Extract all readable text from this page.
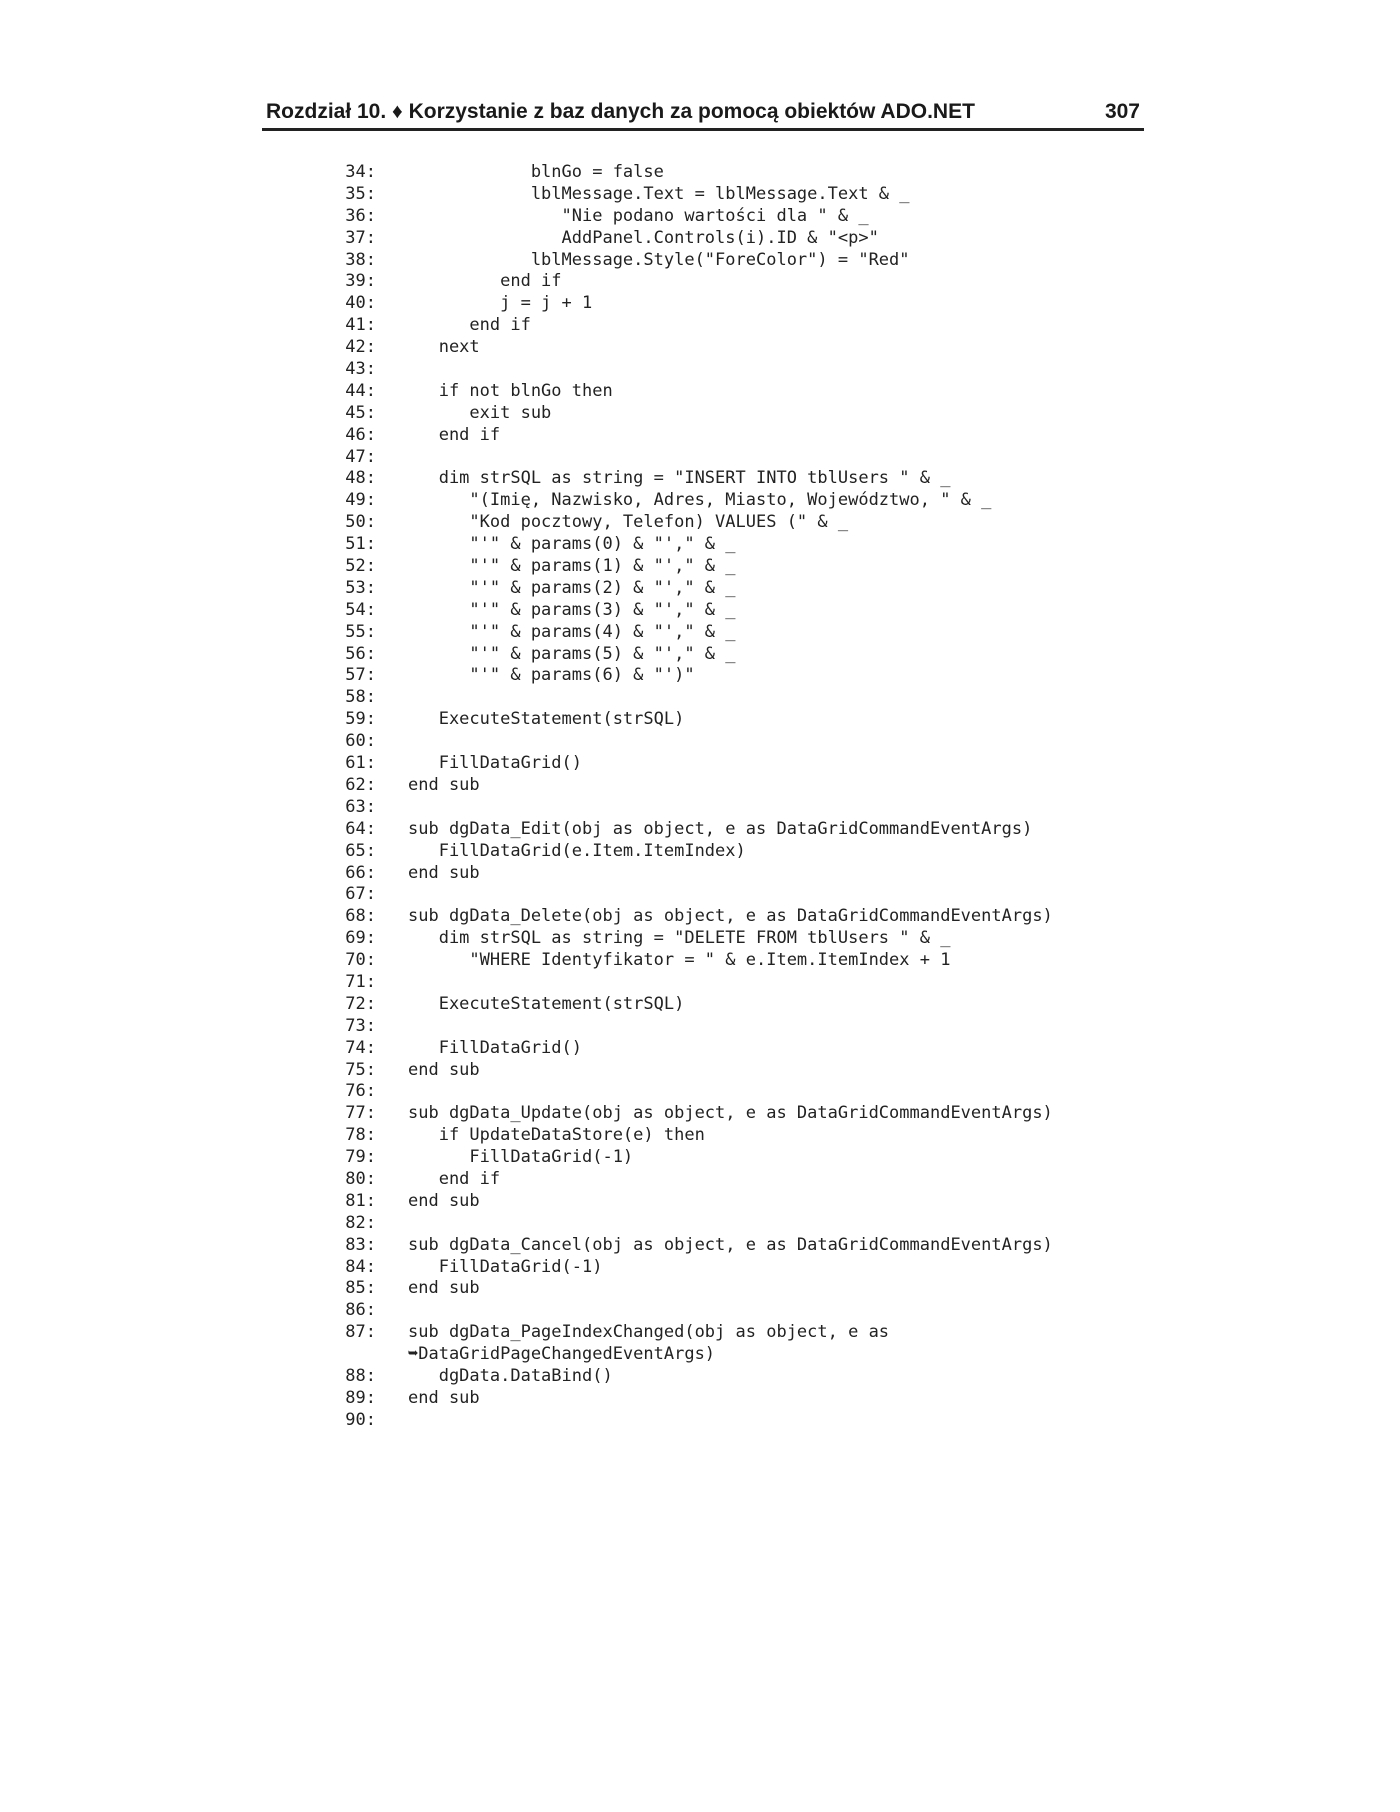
Rozdział 10. ♦ Korzystanie z baz danych za pomocą obiektów ADO.NET	307
34: blnGo = false
35: lblMessage.Text = lblMessage.Text & _
36: "Nie podano wartości dla " & _
37: AddPanel.Controls(i).ID & "<p>"
38: lblMessage.Style("ForeColor") = "Red"
39: end if
40: j = j + 1
41: end if
42: next
43:
44: if not blnGo then
45: exit sub
46: end if
47:
48: dim strSQL as string = "INSERT INTO tblUsers " & _
49: "(Imię, Nazwisko, Adres, Miasto, Województwo, " & _
50: "Kod pocztowy, Telefon) VALUES (" & _
51: "'" & params(0) & "'," & _
52: "'" & params(1) & "'," & _
53: "'" & params(2) & "'," & _
54: "'" & params(3) & "'," & _
55: "'" & params(4) & "'," & _
56: "'" & params(5) & "'," & _
57: "'" & params(6) & "')"
58:
59: ExecuteStatement(strSQL)
60:
61: FillDataGrid()
62: end sub
63:
64: sub dgData_Edit(obj as object, e as DataGridCommandEventArgs)
65: FillDataGrid(e.Item.ItemIndex)
66: end sub
67:
68: sub dgData_Delete(obj as object, e as DataGridCommandEventArgs)
69: dim strSQL as string = "DELETE FROM tblUsers " & _
70: "WHERE Identyfikator = " & e.Item.ItemIndex + 1
71:
72: ExecuteStatement(strSQL)
73:
74: FillDataGrid()
75: end sub
76:
77: sub dgData_Update(obj as object, e as DataGridCommandEventArgs)
78: if UpdateDataStore(e) then
79: FillDataGrid(-1)
80: end if
81: end sub
82:
83: sub dgData_Cancel(obj as object, e as DataGridCommandEventArgs)
84: FillDataGrid(-1)
85: end sub
86:
87: sub dgData_PageIndexChanged(obj as object, e as
➥DataGridPageChangedEventArgs)
88: dgData.DataBind()
89: end sub
90:
